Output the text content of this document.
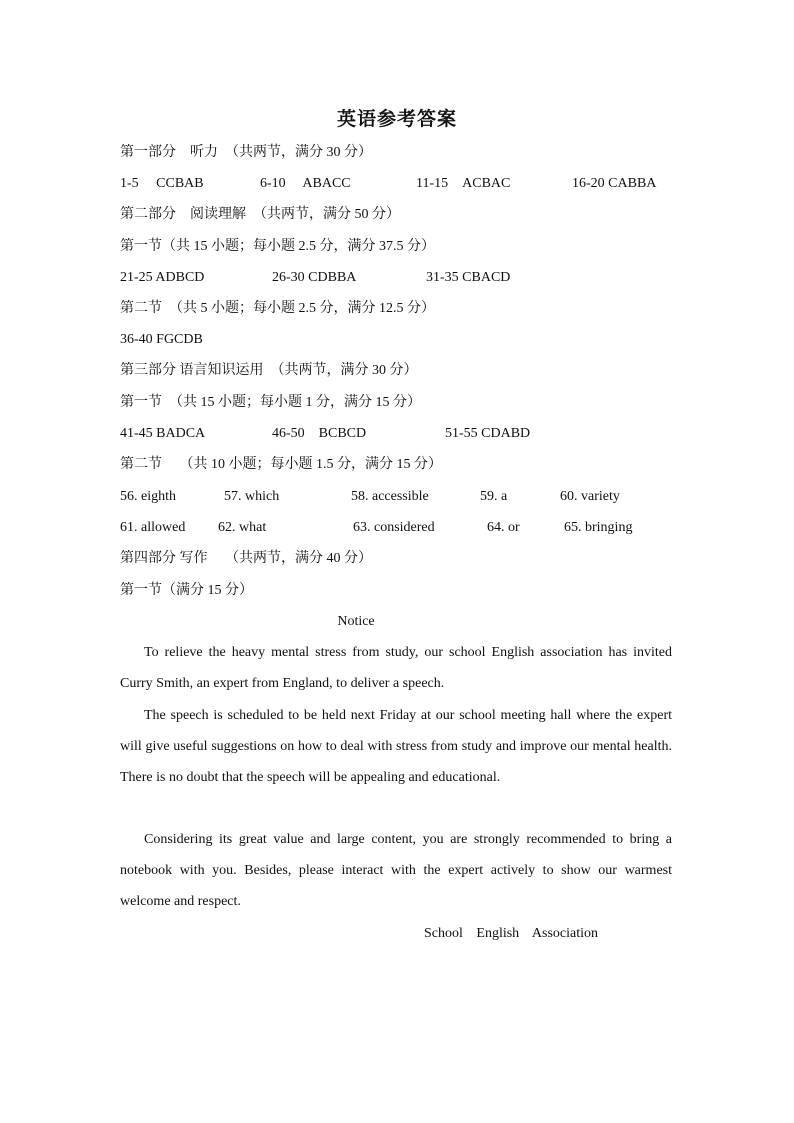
英语参考答案
第一部分　听力　（共两节，满分 30 分）
1-5　 CCBAB	6-10　 ABACC	11-15　ACBAC	16-20 CABBA
第二部分　阅读理解　（共两节，满分 50 分）
第一节（共 15 小题；每小题 2.5 分，满分 37.5 分）
21-25 ADBCD	26-30 CDBBA	31-35 CBACD
第二节　（共 5 小题；每小题 2.5 分，满分 12.5 分）
36-40 FGCDB
第三部分 语言知识运用　（共两节，满分 30 分）
第一节　（共 15 小题；每小题 1 分，满分 15 分）
41-45 BADCA	46-50　BCBCD	51-55 CDABD
第二节　 （共 10 小题；每小题 1.5 分，满分 15 分）
56. eighth	57. which	58. accessible	59. a	60. variety
61. allowed 62. what	63. considered	64. or	65. bringing
第四部分 写作　 （共两节，满分 40 分）
第一节（满分 15 分）
Notice

To relieve the heavy mental stress from study, our school English association has invited Curry Smith, an expert from England, to deliver a speech.

The speech is scheduled to be held next Friday at our school meeting hall where the expert will give useful suggestions on how to deal with stress from study and improve our mental health. There is no doubt that the speech will be appealing and educational.

Considering its great value and large content, you are strongly recommended to bring a notebook with you. Besides, please interact with the expert actively to show our warmest welcome and respect.

School English Association
